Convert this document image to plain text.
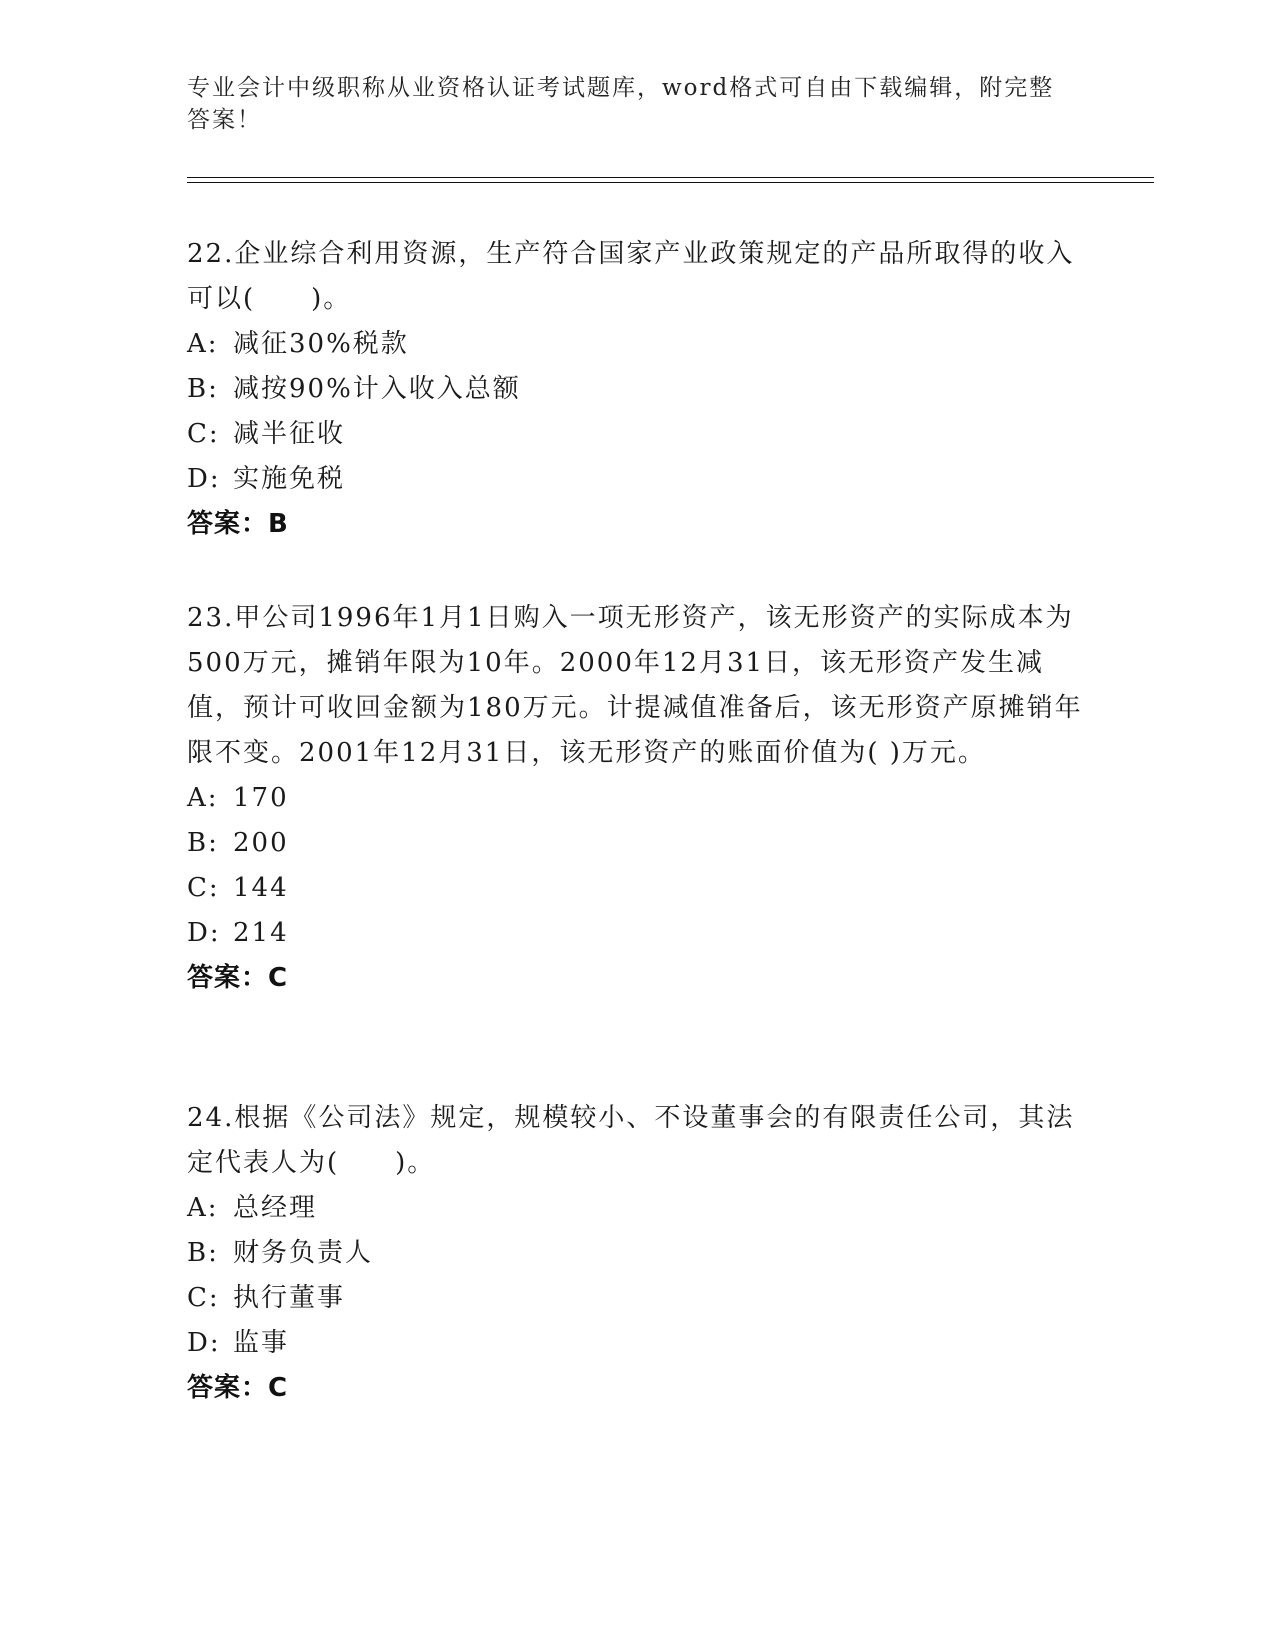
专业会计中级职称从业资格认证考试题库，word格式可自由下载编辑，附完整答案！

22.企业综合利用资源，生产符合国家产业政策规定的产品所取得的收入可以(　　)。

A: 减征30%税款

B: 减按90%计入收入总额

C: 减半征收

D: 实施免税

答案：B

23.甲公司1996年1月1日购入一项无形资产，该无形资产的实际成本为500万元，摊销年限为10年。2000年12月31日，该无形资产发生减值，预计可收回金额为180万元。计提减值准备后，该无形资产原摊销年限不变。2001年12月31日，该无形资产的账面价值为( )万元。

A: 170

B: 200

C: 144

D: 214

答案：C

24.根据《公司法》规定，规模较小、不设董事会的有限责任公司，其法定代表人为(　　)。

A: 总经理

B: 财务负责人

C: 执行董事

D: 监事

答案：C
